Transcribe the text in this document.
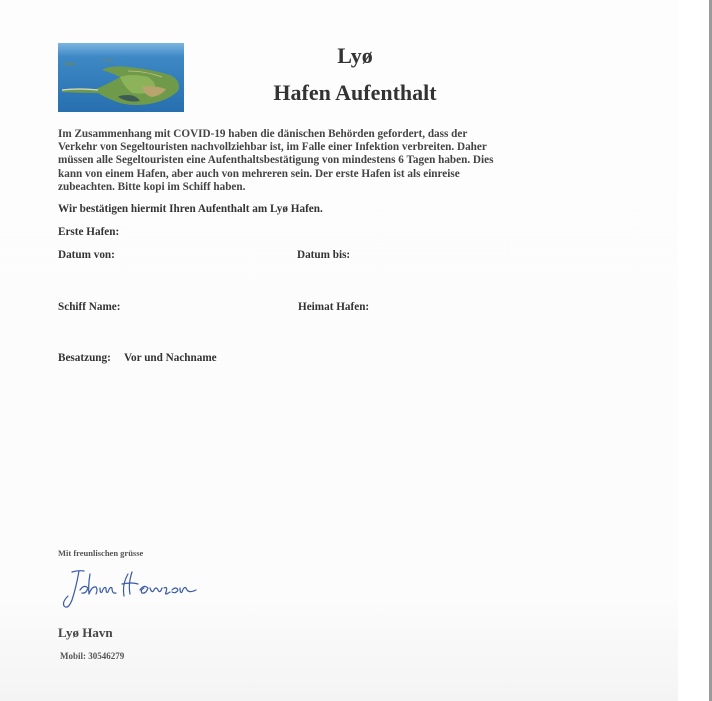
Lyø
Hafen Aufenthalt
Im Zusammenhang mit COVID-19 haben die dänischen Behörden gefordert, dass der Verkehr von Segeltouristen nachvollziehbar ist, im Falle einer Infektion verbreiten. Daher müssen alle Segeltouristen eine Aufenthaltsbestätigung von mindestens 6 Tagen haben. Dies kann von einem Hafen, aber auch von mehreren sein. Der erste Hafen ist als einreise zubeachten. Bitte kopi im Schiff haben.
Wir bestätigen hiermit Ihren Aufenthalt am Lyø Hafen.
Erste Hafen:
Datum von:	Datum bis:
Schiff Name:	Heimat Hafen:
Besatzung: Vor und Nachname
Mit freunlischen grüsse
Lyø Havn
Mobil: 30546279
